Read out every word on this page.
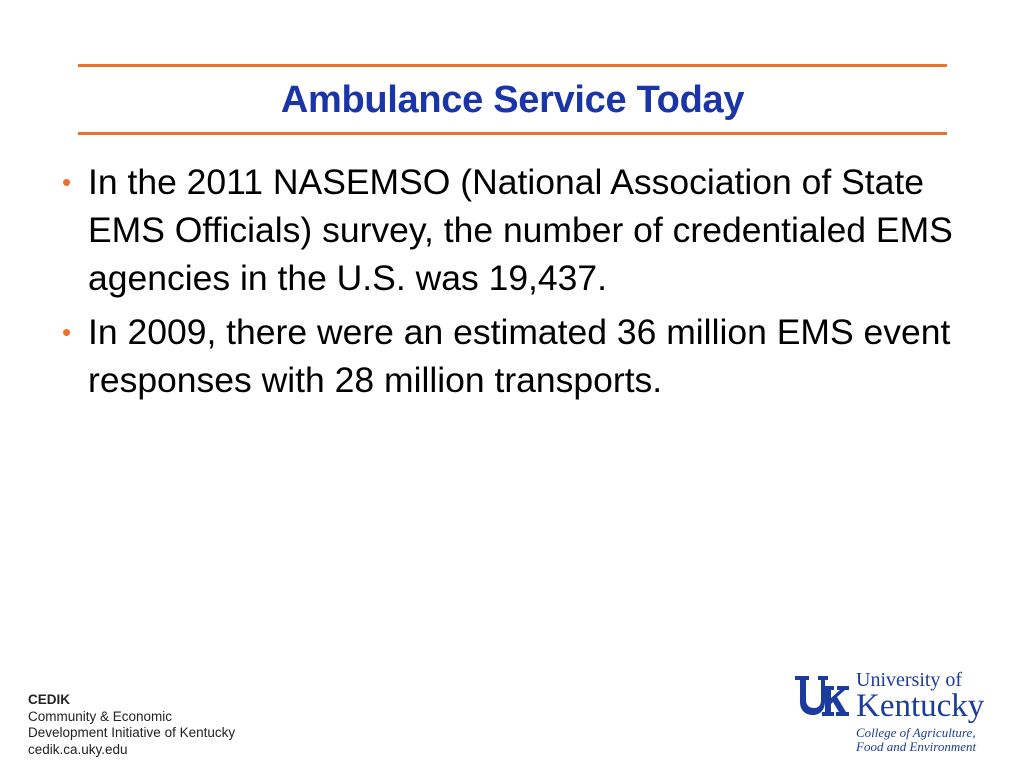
Ambulance Service Today
• In the 2011 NASEMSO (National Association of State EMS Officials) survey, the number of credentialed EMS agencies in the U.S. was 19,437.
• In 2009, there were an estimated 36 million EMS event responses with 28 million transports.
CEDIK
Community & Economic
Development Initiative of Kentucky
cedik.ca.uky.edu
University of
Kentucky
College of Agriculture,
Food and Environment
